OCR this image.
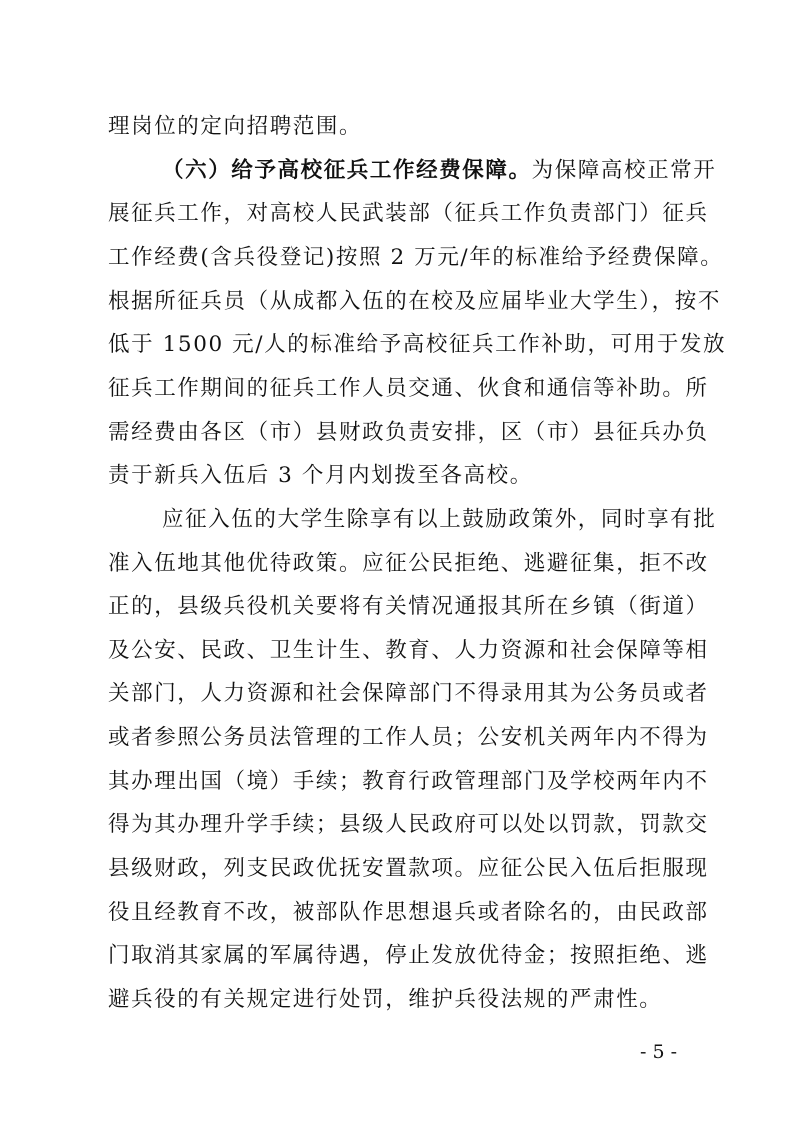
理岗位的定向招聘范围。
（六）给予高校征兵工作经费保障。为保障高校正常开
展征兵工作，对高校人民武装部（征兵工作负责部门）征兵
工作经费(含兵役登记)按照 2 万元/年的标准给予经费保障。
根据所征兵员（从成都入伍的在校及应届毕业大学生），按不
低于 1500 元/人的标准给予高校征兵工作补助，可用于发放
征兵工作期间的征兵工作人员交通、伙食和通信等补助。所
需经费由各区（市）县财政负责安排，区（市）县征兵办负
责于新兵入伍后 3 个月内划拨至各高校。
应征入伍的大学生除享有以上鼓励政策外，同时享有批
准入伍地其他优待政策。应征公民拒绝、逃避征集，拒不改
正的，县级兵役机关要将有关情况通报其所在乡镇（街道）
及公安、民政、卫生计生、教育、人力资源和社会保障等相
关部门，人力资源和社会保障部门不得录用其为公务员或者
或者参照公务员法管理的工作人员；公安机关两年内不得为
其办理出国（境）手续；教育行政管理部门及学校两年内不
得为其办理升学手续；县级人民政府可以处以罚款，罚款交
县级财政，列支民政优抚安置款项。应征公民入伍后拒服现
役且经教育不改，被部队作思想退兵或者除名的，由民政部
门取消其家属的军属待遇，停止发放优待金；按照拒绝、逃
避兵役的有关规定进行处罚，维护兵役法规的严肃性。
- 5 -
